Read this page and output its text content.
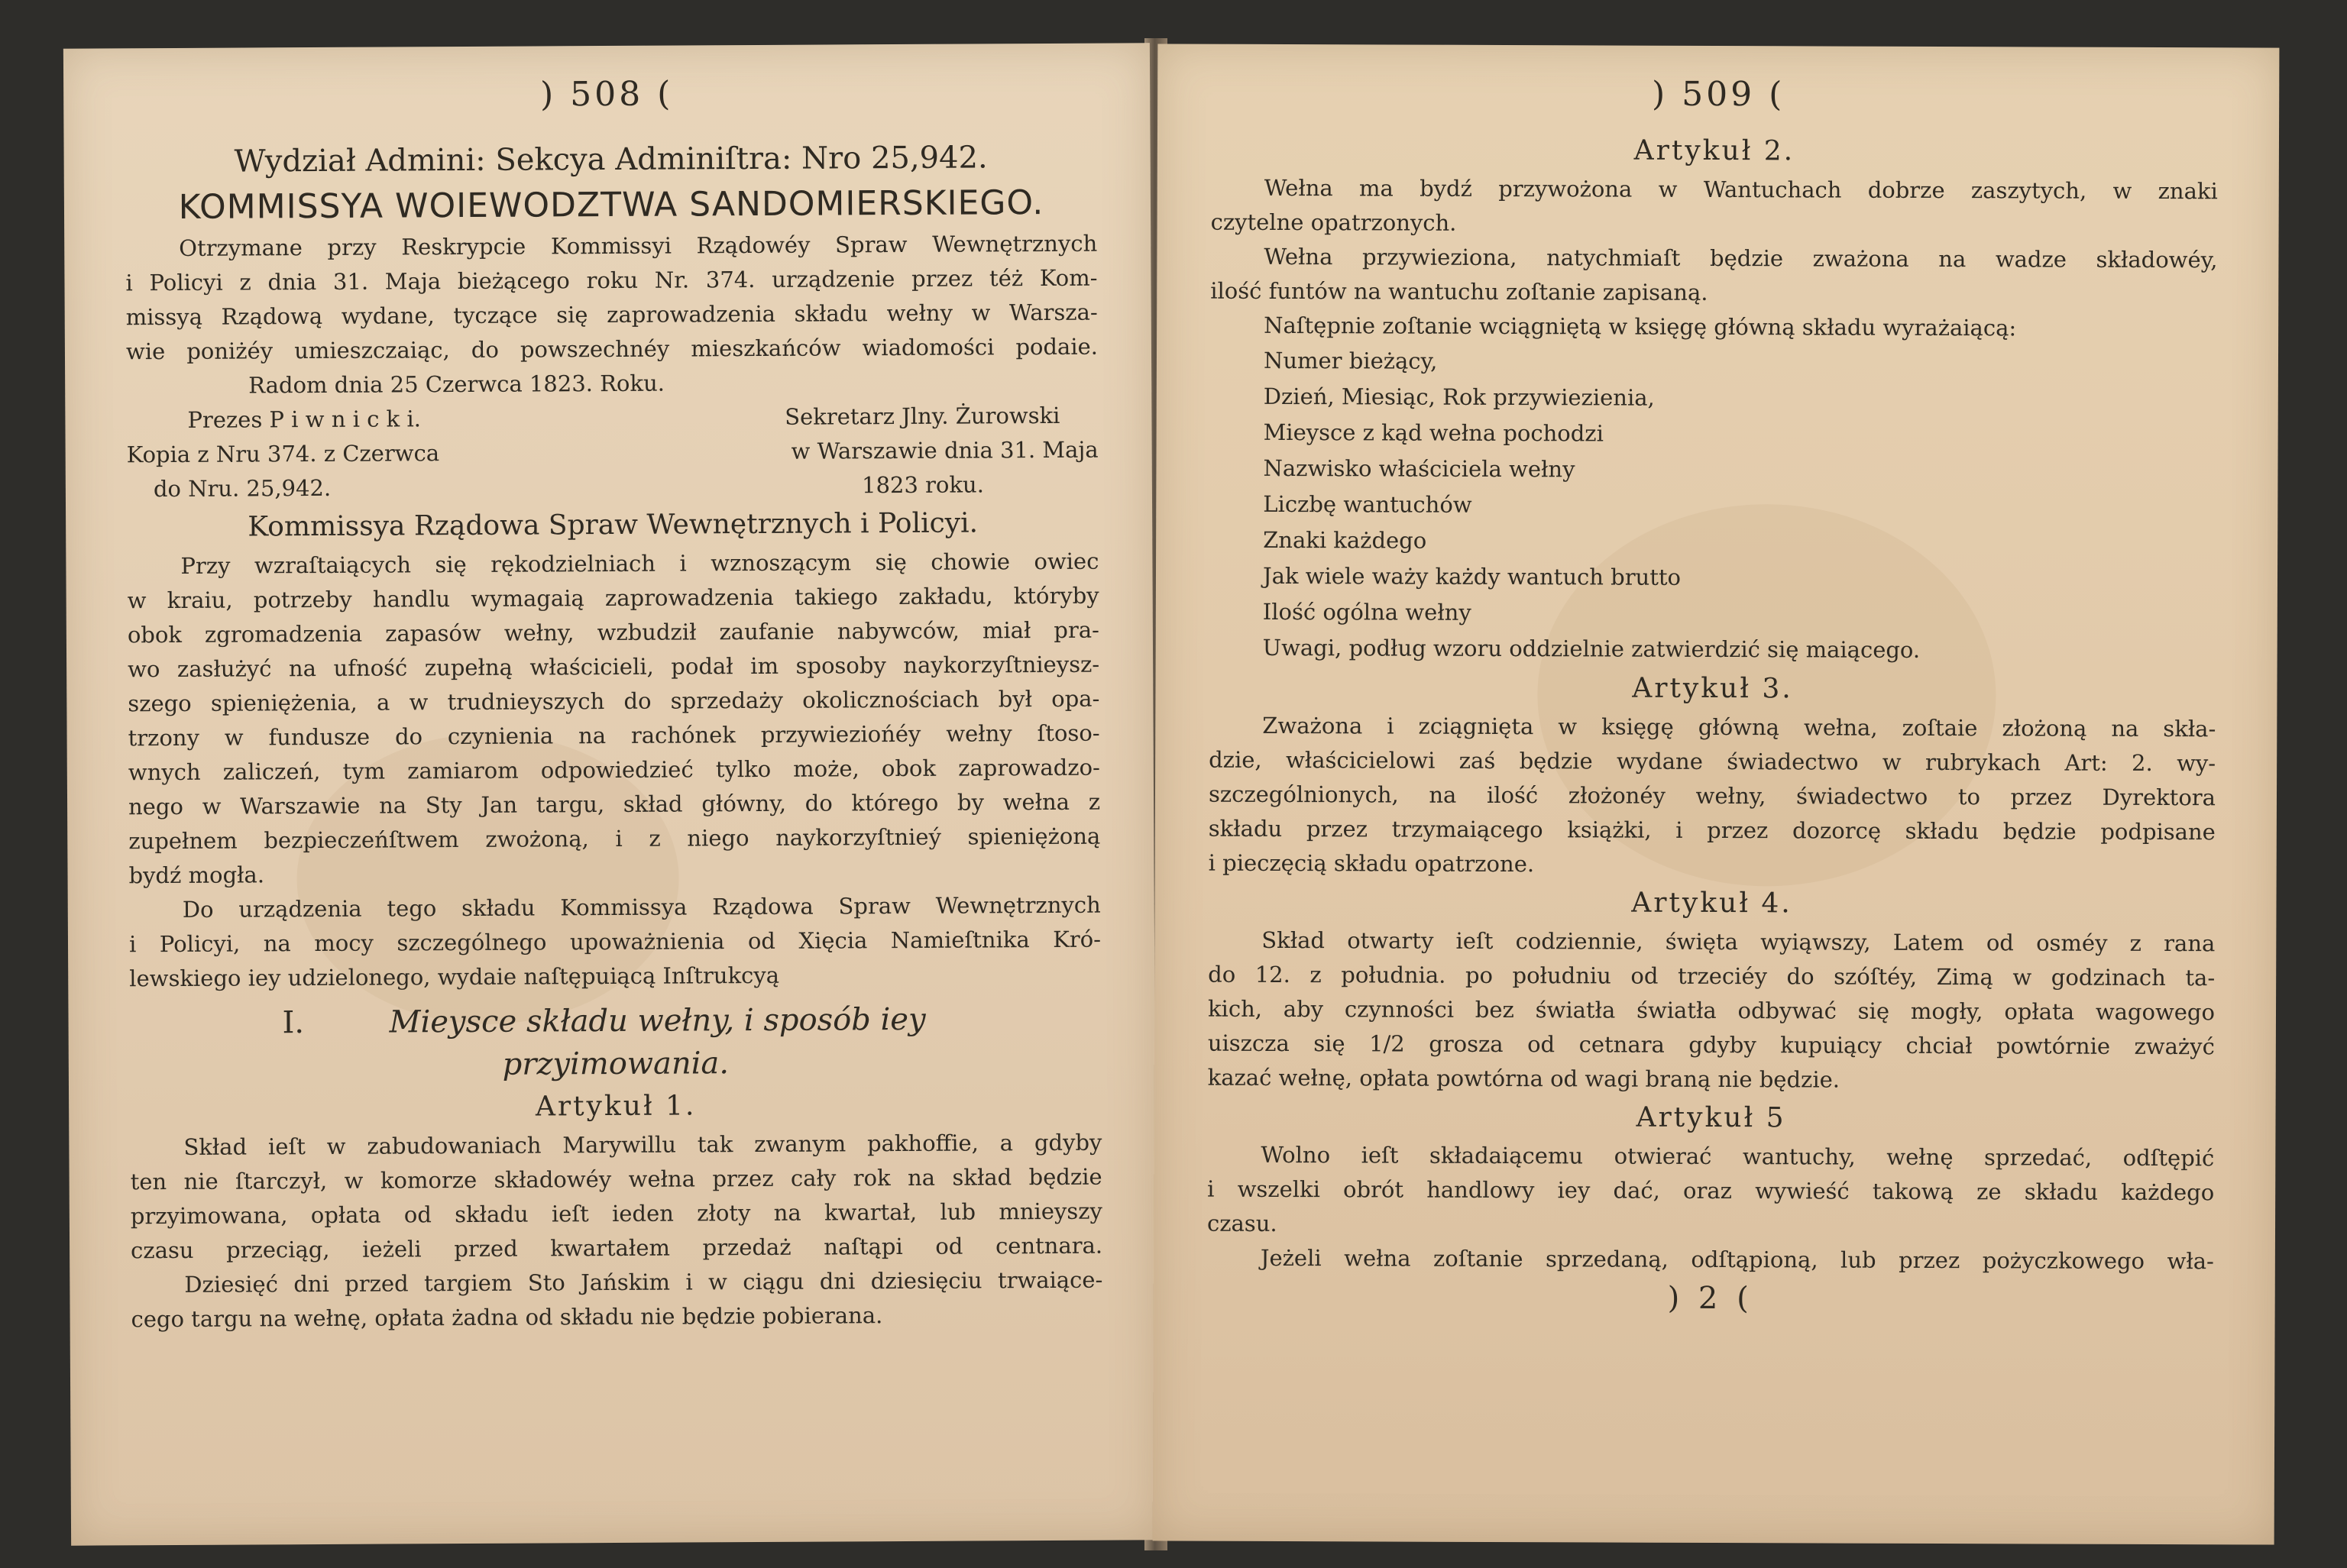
) 508 (
Wydział Admini: Sekcya Adminiſtra: Nro 25,942.
KOMMISSYA WOIEWODZTWA SANDOMIERSKIEGO.
Otrzymane przy Reskrypcie Kommissyi Rządowéy Spraw Wewnętrznych
i Policyi z dnia 31. Maja bieżącego roku Nr. 374. urządzenie przez téż Kom-
missyą Rządową wydane, tyczące się zaprowadzenia składu wełny w Warsza-
wie poniżéy umieszczaiąc, do powszechnéy mieszkańców wiadomości podaie.
Radom dnia 25 Czerwca 1823. Roku.
Prezes P i w n i c k i.	Sekretarz Jlny. Żurowski
Kopia z Nru 374. z Czerwca	w Warszawie dnia 31. Maja
do Nru. 25,942.	1823 roku.
Kommissya Rządowa Spraw Wewnętrznych i Policyi.
Przy wzraſtaiących się rękodzielniach i wznoszącym się chowie owiec
w kraiu, potrzeby handlu wymagaią zaprowadzenia takiego zakładu, któryby
obok zgromadzenia zapasów wełny, wzbudził zaufanie nabywców, miał pra-
wo zasłużyć na ufność zupełną właścicieli, podał im sposoby naykorzyſtnieysz-
szego spieniężenia, a w trudnieyszych do sprzedaży okolicznościach był opa-
trzony w fundusze do czynienia na rachónek przywieziońéy wełny ſtoso-
wnych zaliczeń, tym zamiarom odpowiedzieć tylko może, obok zaprowadzo-
nego w Warszawie na Sty Jan targu, skład główny, do którego by wełna z
zupełnem bezpieczeńſtwem zwożoną, i z niego naykorzyſtnieý spieniężoną
bydź mogła.
Do urządzenia tego składu Kommissya Rządowa Spraw Wewnętrznych
i Policyi, na mocy szczególnego upoważnienia od Xięcia Namieſtnika Kró-
lewskiego iey udzielonego, wydaie naſtępuiącą Inſtrukcyą
I.	Mieysce składu wełny, i sposób iey
przyimowania.
Artykuł 1.
Skład ieſt w zabudowaniach Marywillu tak zwanym pakhoffie, a gdyby
ten nie ſtarczył, w komorze składowéy wełna przez cały rok na skład będzie
przyimowana, opłata od składu ieſt ieden złoty na kwartał, lub mnieyszy
czasu przeciąg, ieżeli przed kwartałem przedaż naſtąpi od centnara.
Dziesięć dni przed targiem Sto Jańskim i w ciągu dni dziesięciu trwaiące-
cego targu na wełnę, opłata żadna od składu nie będzie pobierana.
) 509 (
Artykuł 2.
Wełna ma bydź przywożona w Wantuchach dobrze zaszytych, w znaki
czytelne opatrzonych.
Wełna przywieziona, natychmiaſt będzie zważona na wadze składowéy,
ilość funtów na wantuchu zoſtanie zapisaną.
Naſtępnie zoſtanie wciągniętą w księgę główną składu wyrażaiącą:
Numer bieżący,
Dzień, Miesiąc, Rok przywiezienia,
Mieysce z kąd wełna pochodzi
Nazwisko właściciela wełny
Liczbę wantuchów
Znaki każdego
Jak wiele waży każdy wantuch brutto
Ilość ogólna wełny
Uwagi, podług wzoru oddzielnie zatwierdzić się maiącego.
Artykuł 3.
Zważona i zciągnięta w księgę główną wełna, zoſtaie złożoną na skła-
dzie, właścicielowi zaś będzie wydane świadectwo w rubrykach Art: 2. wy-
szczególnionych, na ilość złożonéy wełny, świadectwo to przez Dyrektora
składu przez trzymaiącego książki, i przez dozorcę składu będzie podpisane
i pieczęcią składu opatrzone.
Artykuł 4.
Skład otwarty ieſt codziennie, święta wyiąwszy, Latem od osméy z rana
do 12. z południa. po południu od trzeciéy do szóſtéy, Zimą w godzinach ta-
kich, aby czynności bez światła światła odbywać się mogły, opłata wagowego
uiszcza się 1/2 grosza od cetnara gdyby kupuiący chciał powtórnie zważyć
kazać wełnę, opłata powtórna od wagi braną nie będzie.
Artykuł 5
Wolno ieſt składaiącemu otwierać wantuchy, wełnę sprzedać, odſtępić
i wszelki obrót handlowy iey dać, oraz wywieść takową ze składu każdego
czasu.
Jeżeli wełna zoſtanie sprzedaną, odſtąpioną, lub przez pożyczkowego wła-
) 2 (
